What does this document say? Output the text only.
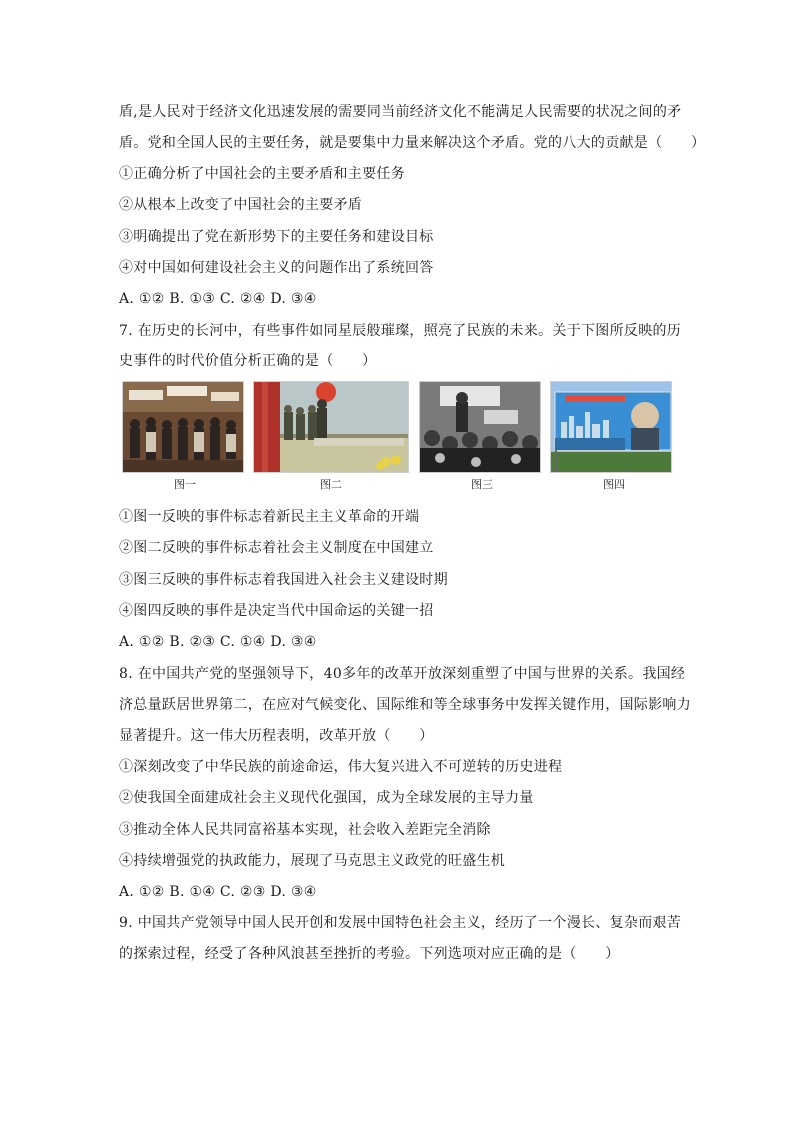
盾,是人民对于经济文化迅速发展的需要同当前经济文化不能满足人民需要的状况之间的矛
盾。党和全国人民的主要任务，就是要集中力量来解决这个矛盾。党的八大的贡献是（　　）
①正确分析了中国社会的主要矛盾和主要任务
②从根本上改变了中国社会的主要矛盾
③明确提出了党在新形势下的主要任务和建设目标
④对中国如何建设社会主义的问题作出了系统回答
A. ①② B. ①③ C. ②④ D. ③④
7. 在历史的长河中，有些事件如同星辰般璀璨，照亮了民族的未来。关于下图所反映的历
史事件的时代价值分析正确的是（　　）
图一	图二	图三	图四
①图一反映的事件标志着新民主主义革命的开端
②图二反映的事件标志着社会主义制度在中国建立
③图三反映的事件标志着我国进入社会主义建设时期
④图四反映的事件是决定当代中国命运的关键一招
A. ①② B. ②③ C. ①④ D. ③④
8. 在中国共产党的坚强领导下，40多年的改革开放深刻重塑了中国与世界的关系。我国经
济总量跃居世界第二，在应对气候变化、国际维和等全球事务中发挥关键作用，国际影响力
显著提升。这一伟大历程表明，改革开放（　　）
①深刻改变了中华民族的前途命运，伟大复兴进入不可逆转的历史进程
②使我国全面建成社会主义现代化强国，成为全球发展的主导力量
③推动全体人民共同富裕基本实现，社会收入差距完全消除
④持续增强党的执政能力，展现了马克思主义政党的旺盛生机
A. ①② B. ①④ C. ②③ D. ③④
9. 中国共产党领导中国人民开创和发展中国特色社会主义，经历了一个漫长、复杂而艰苦
的探索过程，经受了各种风浪甚至挫折的考验。下列选项对应正确的是（　　）
